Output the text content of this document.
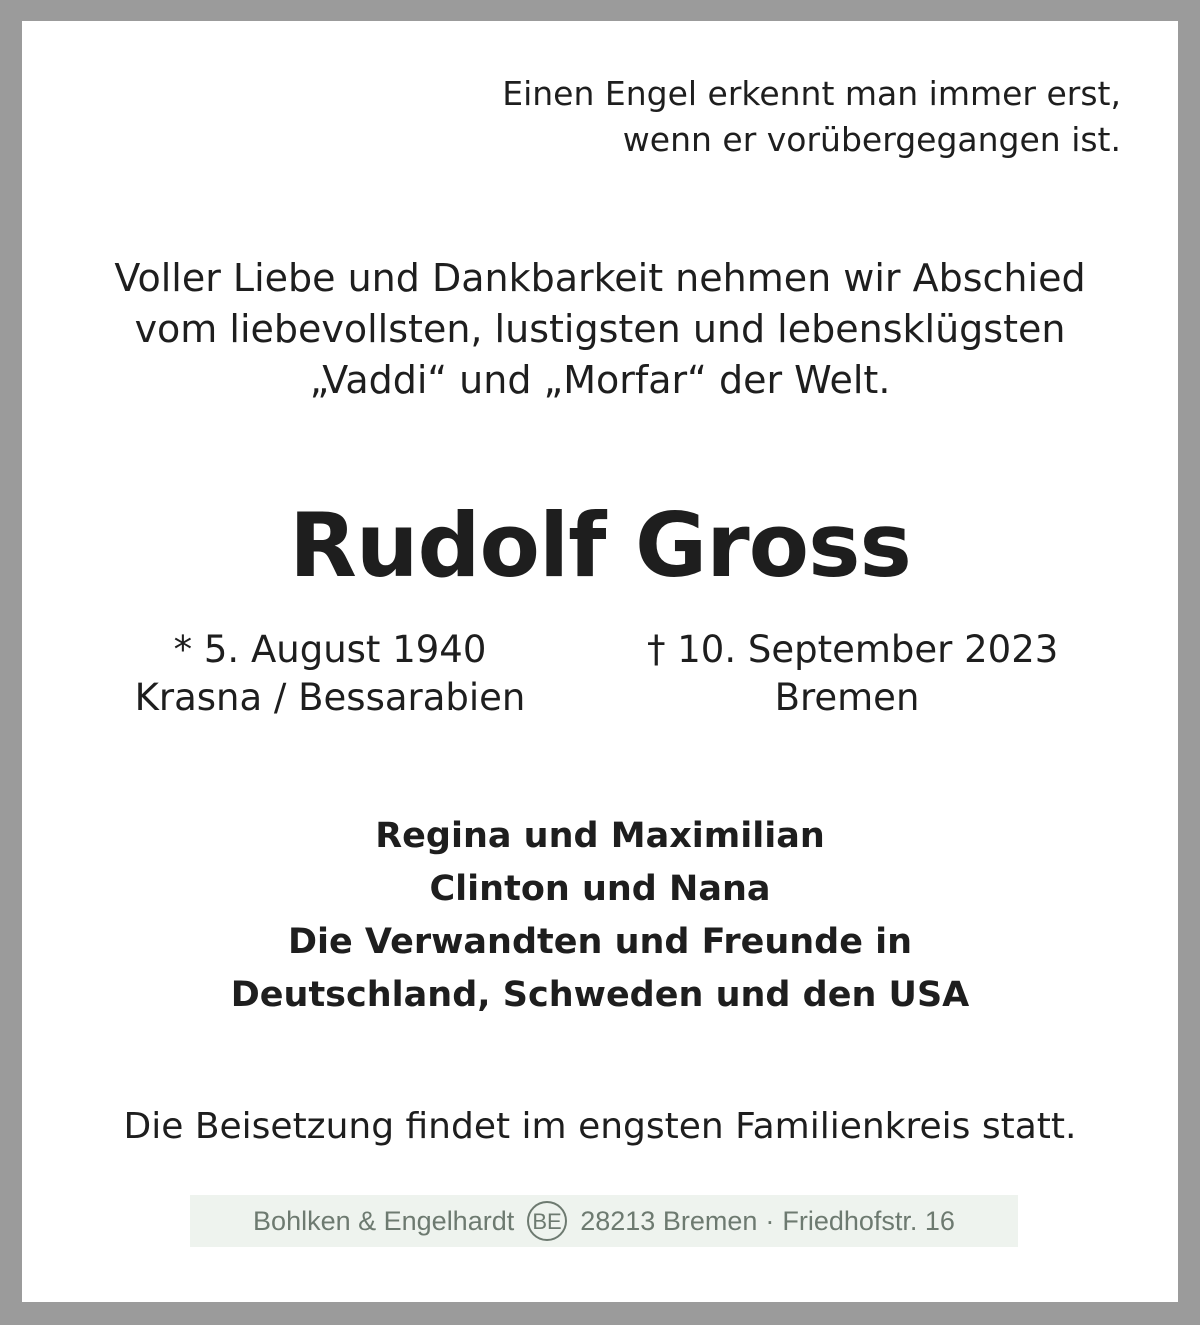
Einen Engel erkennt man immer erst,
wenn er vorübergegangen ist.
Voller Liebe und Dankbarkeit nehmen wir Abschied
vom liebevollsten, lustigsten und lebensklügsten
„Vaddi“ und „Morfar“ der Welt.
Rudolf Gross
* 5. August 1940
Krasna / Bessarabien
† 10. September 2023
Bremen
Regina und Maximilian
Clinton und Nana
Die Verwandten und Freunde in
Deutschland, Schweden und den USA
Die Beisetzung findet im engsten Familienkreis statt.
Bohlken & Engelhardt BE 28213 Bremen · Friedhofstr. 16
